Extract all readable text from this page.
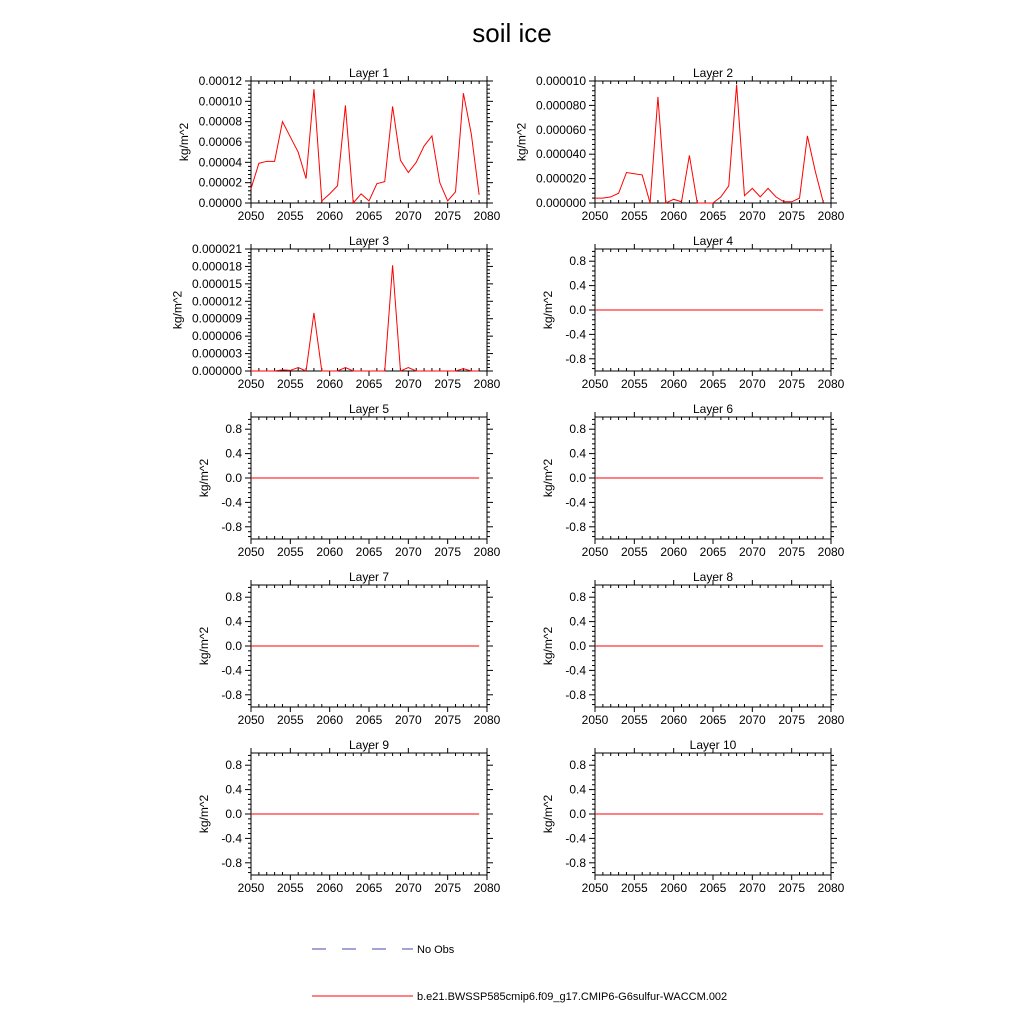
soil ice
Layer 1
2050 2055 2060 2065 2070 2075 2080
0.00000
0.00002
0.00004
0.00006
0.00008
0.00010
0.00012
kg/m^2
Layer 2
2050 2055 2060 2065 2070 2075 2080
0.000000
0.000020
0.000040
0.000060
0.000080
0.000010
kg/m^2
Layer 3
2050 2055 2060 2065 2070 2075 2080
0.000000
0.000003
0.000006
0.000009
0.000012
0.000015
0.000018
0.000021
kg/m^2
Layer 4
2050 2055 2060 2065 2070 2075 2080
-0.8
-0.4
0.0
0.4
0.8
kg/m^2
Layer 5
2050 2055 2060 2065 2070 2075 2080
-0.8
-0.4
0.0
0.4
0.8
kg/m^2
Layer 6
2050 2055 2060 2065 2070 2075 2080
-0.8
-0.4
0.0
0.4
0.8
kg/m^2
Layer 7
2050 2055 2060 2065 2070 2075 2080
-0.8
-0.4
0.0
0.4
0.8
kg/m^2
Layer 8
2050 2055 2060 2065 2070 2075 2080
-0.8
-0.4
0.0
0.4
0.8
kg/m^2
Layer 9
2050 2055 2060 2065 2070 2075 2080
-0.8
-0.4
0.0
0.4
0.8
kg/m^2
Layer 10
2050 2055 2060 2065 2070 2075 2080
-0.8
-0.4
0.0
0.4
0.8
kg/m^2
No Obs
b.e21.BWSSP585cmip6.f09_g17.CMIP6-G6sulfur-WACCM.002
